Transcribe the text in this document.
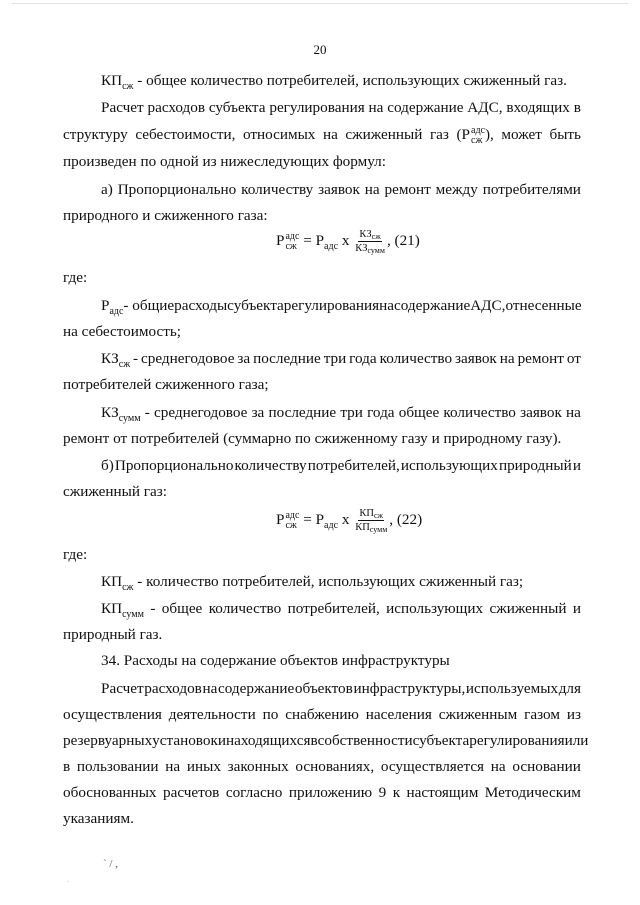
20
$КП_{сж}$ - общее количество потребителей, использующих сжиженный газ.
Расчет расходов субъекта регулирования на содержание АДС, входящих в
структуру себестоимости, относимых на сжиженный газ (P адс
сж ), может быть
произведен по одной из нижеследующих формул:
а) Пропорционально количеству заявок на ремонт между потребителями
природного и сжиженного газа:
P адс
сж = $P_{адс}$ x $\frac{КЗ_{сж}}{КЗ_{сумм}}$ , (21)
где:
$P_{адс}$ - общие расходы субъекта регулирования на содержание АДС, отнесенные
на себестоимость;
$КЗ_{сж}$ - среднегодовое за последние три года количество заявок на ремонт от
потребителей сжиженного газа;
$КЗ_{сумм}$ - среднегодовое за последние три года общее количество заявок на
ремонт от потребителей (суммарно по сжиженному газу и природному газу).
б) Пропорционально количеству потребителей, использующих природный и
сжиженный газ:
P адс
сж = $P_{адс}$ x $\frac{КП_{сж}}{КП_{сумм}}$ , (22)
где:
$КП_{сж}$ - количество потребителей, использующих сжиженный газ;
$КП_{сумм}$ - общее количество потребителей, использующих сжиженный и
природный газ.
34. Расходы на содержание объектов инфраструктуры
Расчет расходов на содержание объектов инфраструктуры, используемых для
осуществления деятельности по снабжению населения сжиженным газом из
резервуарных установок и находящихся в собственности субъекта регулирования или
в пользовании на иных законных основаниях, осуществляется на основании
обоснованных расчетов согласно приложению 9 к настоящим Методическим
указаниям.
` / ,
·
